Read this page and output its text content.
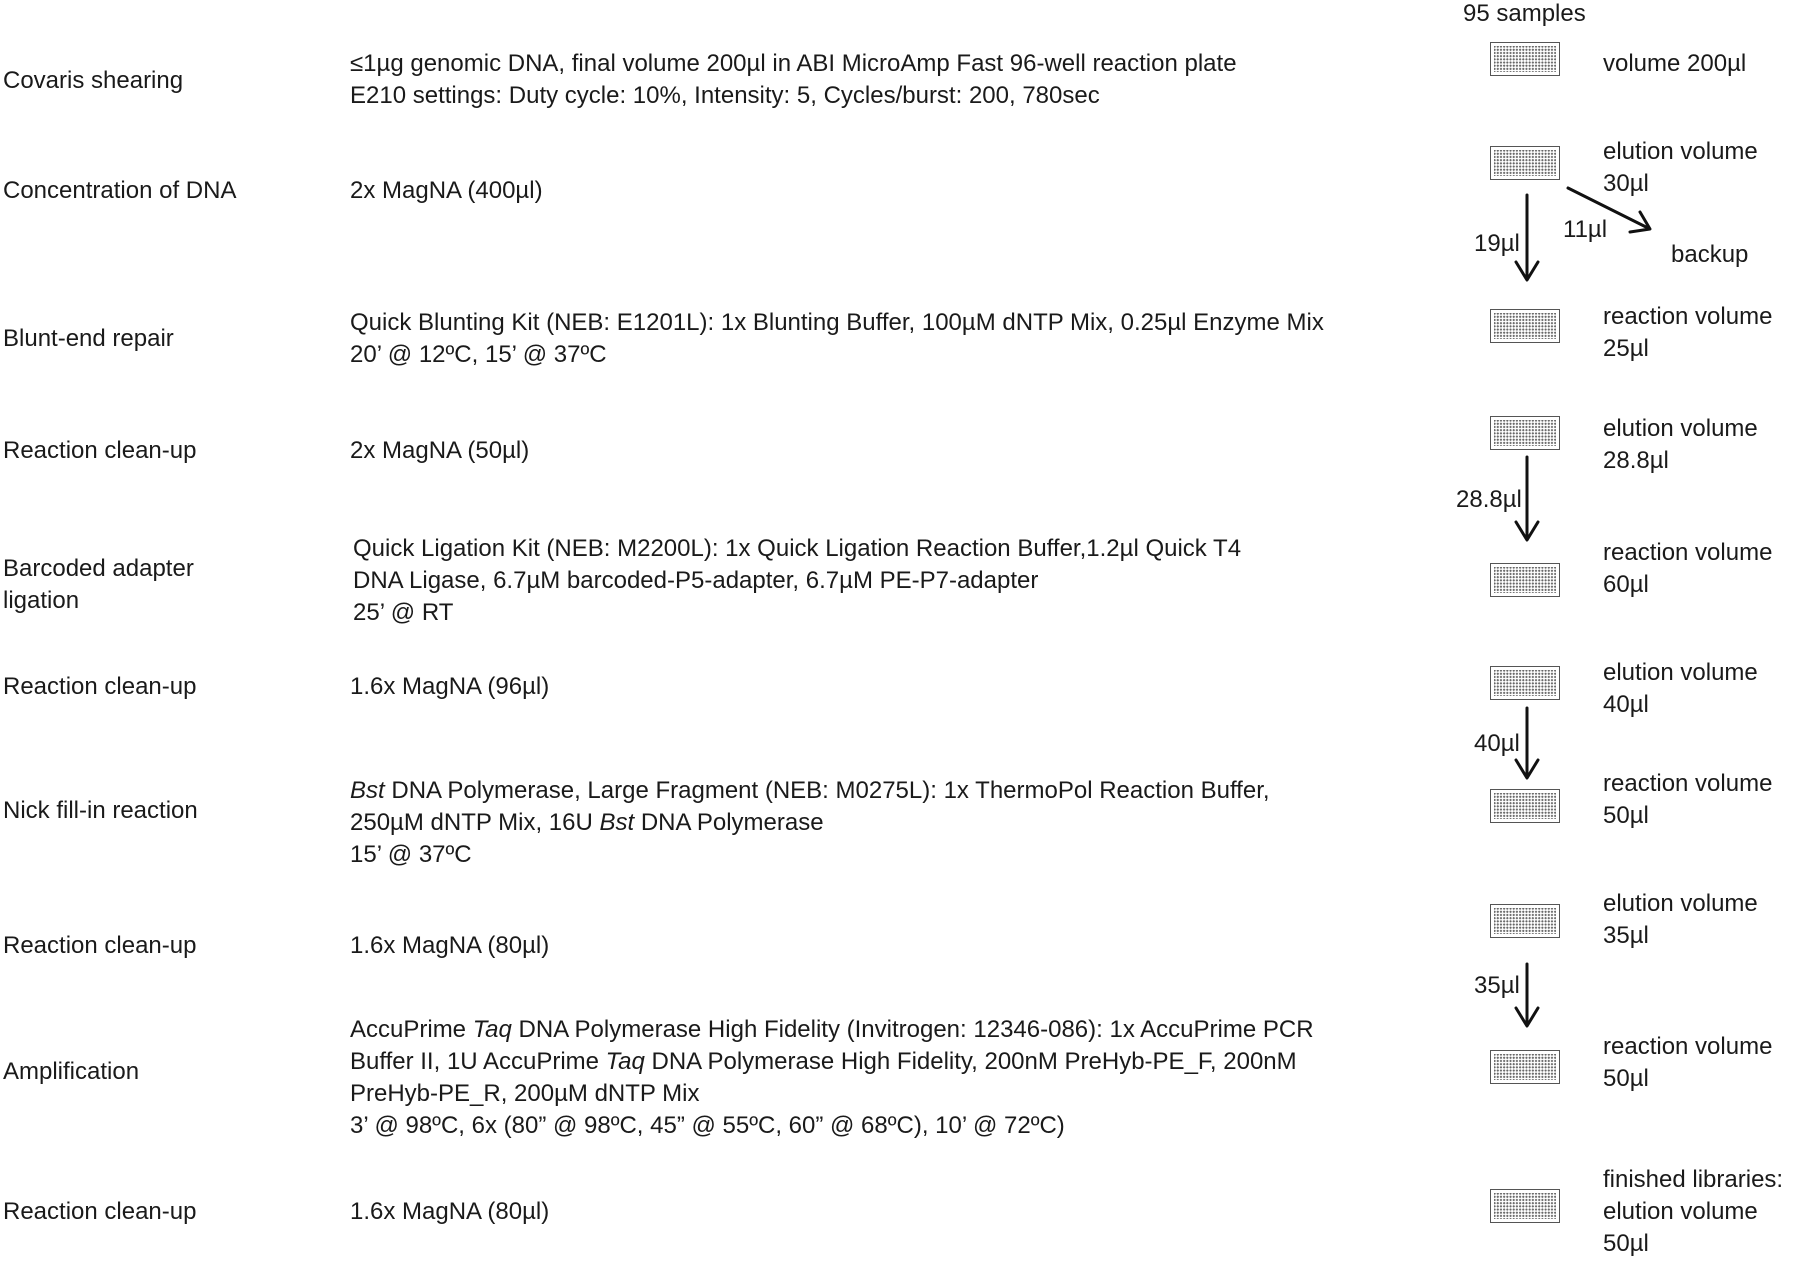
95 samples
Covaris shearing
Concentration of DNA
Blunt-end repair
Reaction clean-up
Barcoded adapter
ligation
Reaction clean-up
Nick fill-in reaction
Reaction clean-up
Amplification
Reaction clean-up
≤1µg genomic DNA, final volume 200µl in ABI MicroAmp Fast 96-well reaction plate
E210 settings: Duty cycle: 10%, Intensity: 5, Cycles/burst: 200, 780sec
2x MagNA (400µl)
Quick Blunting Kit (NEB: E1201L): 1x Blunting Buffer, 100µM dNTP Mix, 0.25µl Enzyme Mix
20’ @ 12ºC, 15’ @ 37ºC
2x MagNA (50µl)
Quick Ligation Kit (NEB: M2200L): 1x Quick Ligation Reaction Buffer,1.2µl Quick T4
DNA Ligase, 6.7µM barcoded-P5-adapter, 6.7µM PE-P7-adapter
25’ @ RT
1.6x MagNA (96µl)
Bst DNA Polymerase, Large Fragment (NEB: M0275L): 1x ThermoPol Reaction Buffer,
250µM dNTP Mix, 16U Bst DNA Polymerase
15’ @ 37ºC
1.6x MagNA (80µl)
AccuPrime Taq DNA Polymerase High Fidelity (Invitrogen: 12346-086): 1x AccuPrime PCR
Buffer II, 1U AccuPrime Taq DNA Polymerase High Fidelity, 200nM PreHyb-PE_F, 200nM
PreHyb-PE_R, 200µM dNTP Mix
3’ @ 98ºC, 6x (80” @ 98ºC, 45” @ 55ºC, 60” @ 68ºC), 10’ @ 72ºC)
1.6x MagNA (80µl)
volume 200µl
elution volume
30µl
reaction volume
25µl
elution volume
28.8µl
reaction volume
60µl
elution volume
40µl
reaction volume
50µl
elution volume
35µl
reaction volume
50µl
finished libraries:
elution volume
50µl
19µl
11µl
backup
28.8µl
40µl
35µl
